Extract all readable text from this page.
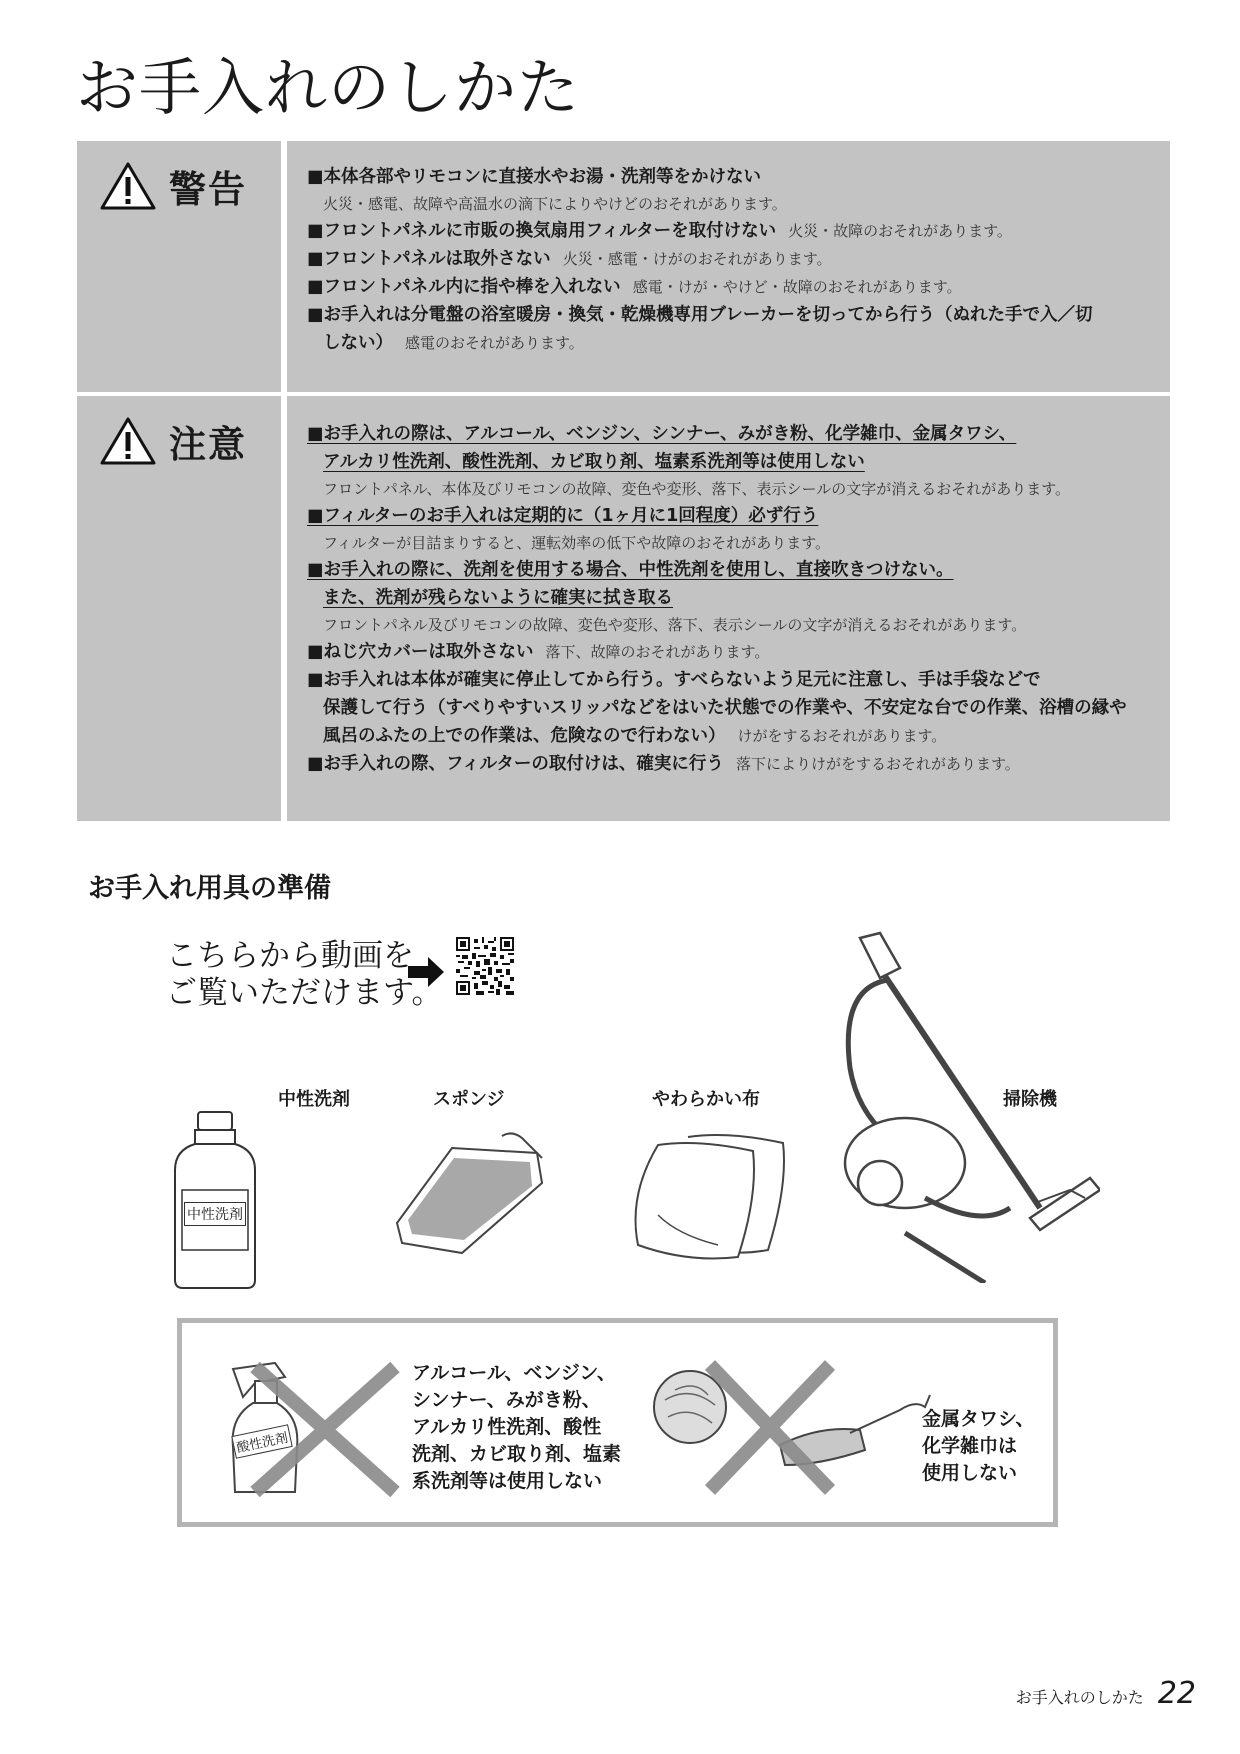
お手入れのしかた
警告	■本体各部やリモコンに直接水やお湯・洗剤等をかけない
火災・感電、故障や高温水の滴下によりやけどのおそれがあります。
■フロントパネルに市販の換気扇用フィルターを取付けない 火災・故障のおそれがあります。
■フロントパネルは取外さない 火災・感電・けがのおそれがあります。
■フロントパネル内に指や棒を入れない 感電・けが・やけど・故障のおそれがあります。
■お手入れは分電盤の浴室暖房・換気・乾燥機専用ブレーカーを切ってから行う（ぬれた手で入／切
しない） 感電のおそれがあります。
注意	■お手入れの際は、アルコール、ベンジン、シンナー、みがき粉、化学雑巾、金属タワシ、
アルカリ性洗剤、酸性洗剤、カビ取り剤、塩素系洗剤等は使用しない
フロントパネル、本体及びリモコンの故障、変色や変形、落下、表示シールの文字が消えるおそれがあります。
■フィルターのお手入れは定期的に（1ヶ月に1回程度）必ず行う
フィルターが目詰まりすると、運転効率の低下や故障のおそれがあります。
■お手入れの際に、洗剤を使用する場合、中性洗剤を使用し、直接吹きつけない。
また、洗剤が残らないように確実に拭き取る
フロントパネル及びリモコンの故障、変色や変形、落下、表示シールの文字が消えるおそれがあります。
■ねじ穴カバーは取外さない 落下、故障のおそれがあります。
■お手入れは本体が確実に停止してから行う。すべらないよう足元に注意し、手は手袋などで
保護して行う（すべりやすいスリッパなどをはいた状態での作業や、不安定な台での作業、浴槽の縁や
風呂のふたの上での作業は、危険なので行わない） けがをするおそれがあります。
■お手入れの際、フィルターの取付けは、確実に行う 落下によりけがをするおそれがあります。
お手入れ用具の準備
こちらから動画を
ご覧いただけます。
中性洗剤	スポンジ	やわらかい布	掃除機
中性洗剤
酸性洗剤
アルコール、ベンジン、
シンナー、みがき粉、
アルカリ性洗剤、酸性
洗剤、カビ取り剤、塩素
系洗剤等は使用しない
金属タワシ、
化学雑巾は
使用しない
お手入れのしかた 22
